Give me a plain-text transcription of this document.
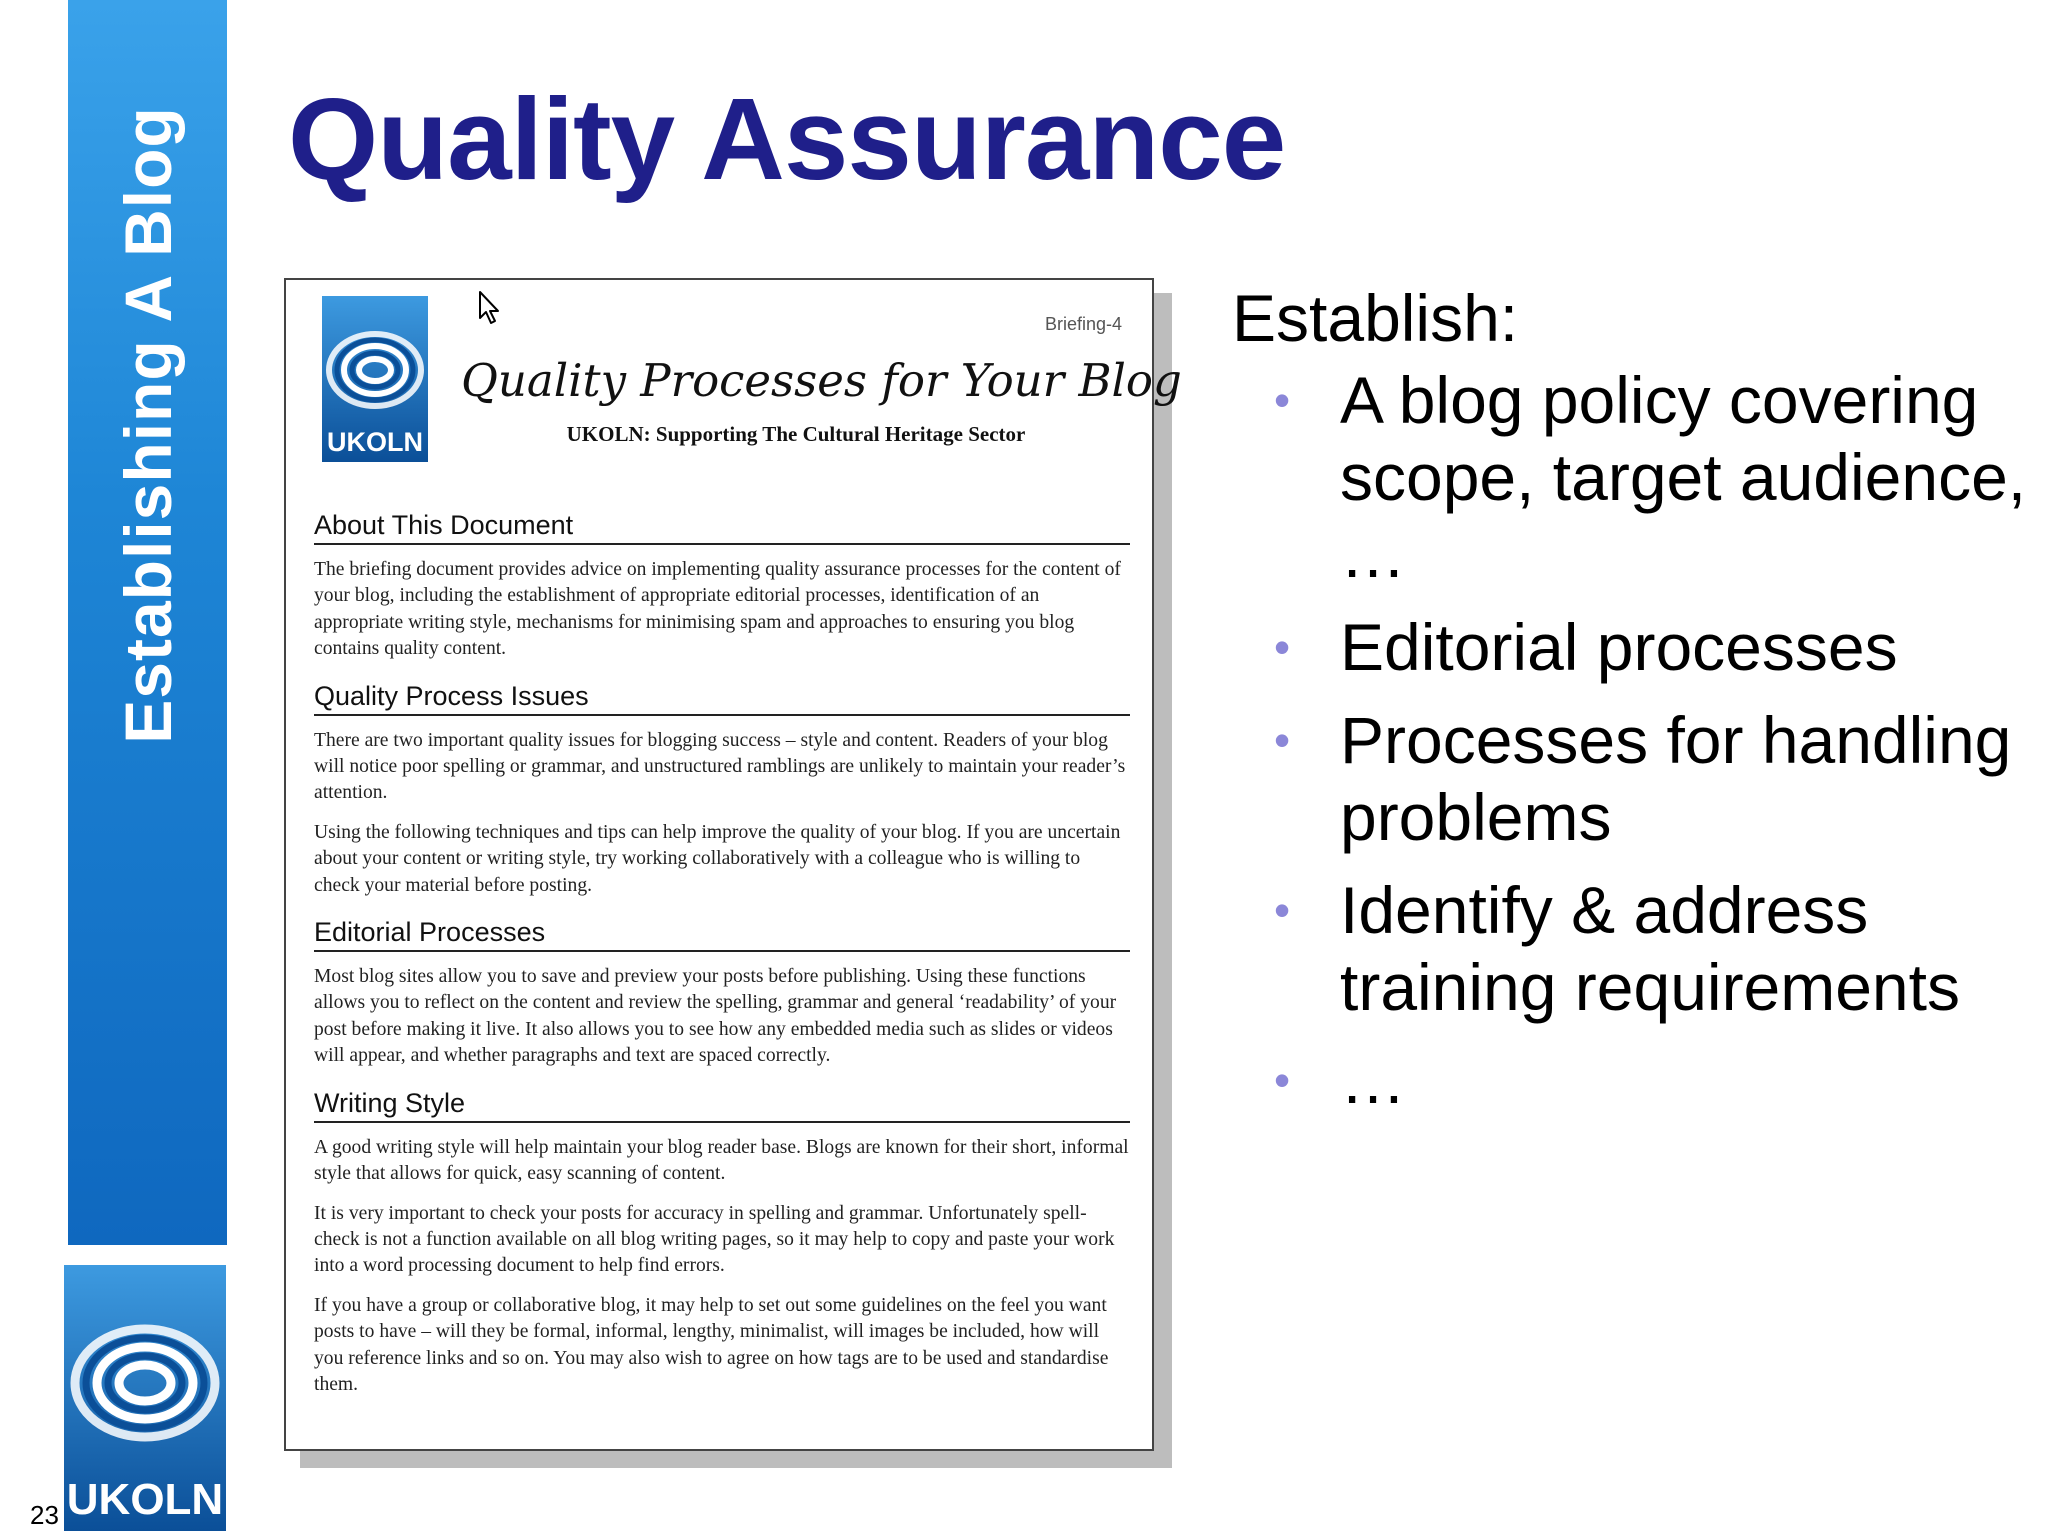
Establishing A Blog
UKOLN
23
Quality Assurance
UKOLN
Briefing-4
Quality Processes for Your Blog
UKOLN: Supporting The Cultural Heritage Sector
About This Document

The briefing document provides advice on implementing quality assurance processes for the content of your blog, including the establishment of appropriate editorial processes, identification of an appropriate writing style, mechanisms for minimising spam and approaches to ensuring you blog contains quality content.

Quality Process Issues

There are two important quality issues for blogging success – style and content. Readers of your blog will notice poor spelling or grammar, and unstructured ramblings are unlikely to maintain your reader’s attention.

Using the following techniques and tips can help improve the quality of your blog. If you are uncertain about your content or writing style, try working collaboratively with a colleague who is willing to check your material before posting.

Editorial Processes

Most blog sites allow you to save and preview your posts before publishing. Using these functions allows you to reflect on the content and review the spelling, grammar and general ‘readability’ of your post before making it live. It also allows you to see how any embedded media such as slides or videos will appear, and whether paragraphs and text are spaced correctly.

Writing Style

A good writing style will help maintain your blog reader base. Blogs are known for their short, informal style that allows for quick, easy scanning of content.

It is very important to check your posts for accuracy in spelling and grammar. Unfortunately spell-check is not a function available on all blog writing pages, so it may help to copy and paste your work into a word processing document to help find errors.

If you have a group or collaborative blog, it may help to set out some guidelines on the feel you want posts to have – will they be formal, informal, lengthy, minimalist, will images be included, how will you reference links and so on. You may also wish to agree on how tags are to be used and standardise them.

Establish:
• A blog policy covering scope, target audience, …
• Editorial processes
• Processes for handling problems
• Identify & address training requirements
• …
